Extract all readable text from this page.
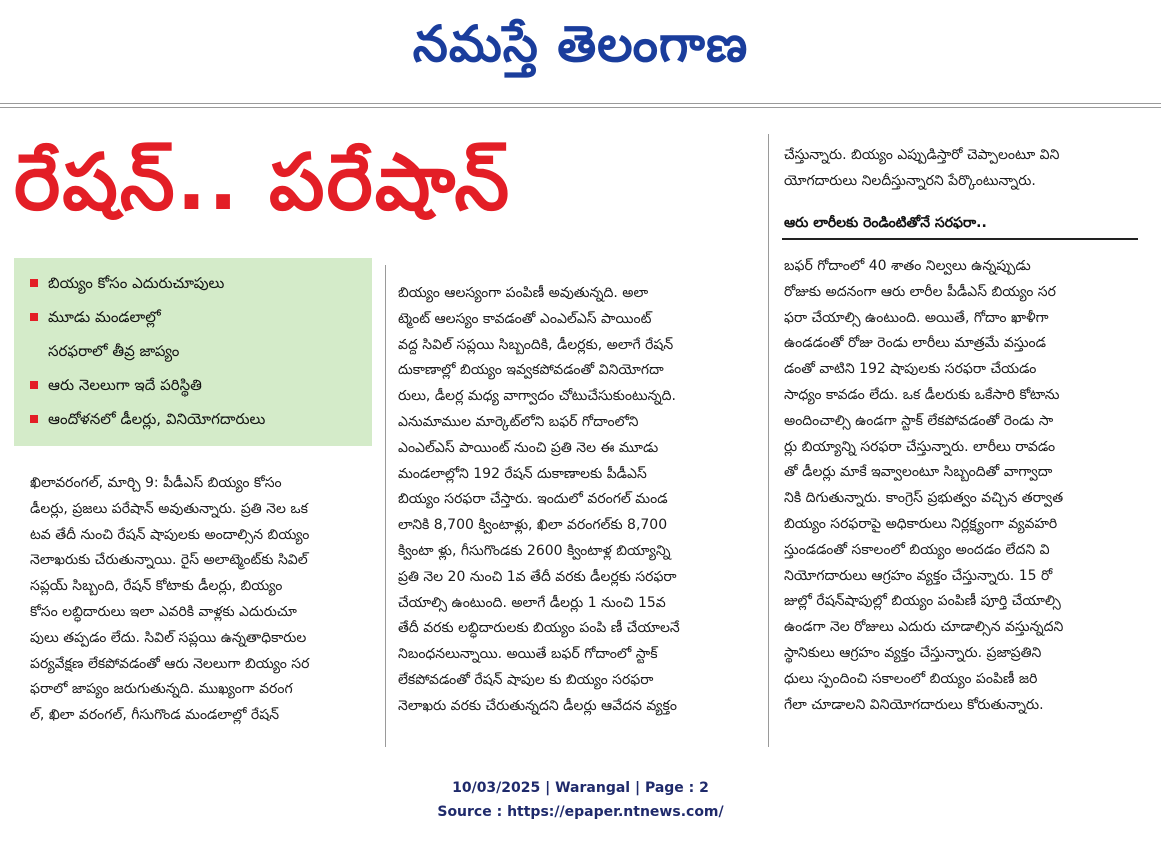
నమస్తే తెలంగాణ
రేషన్.. పరేషాన్
బియ్యం కోసం ఎదురుచూపులు
మూడు మండలాల్లో
సరఫరాలో తీవ్ర జాప్యం
ఆరు నెలలుగా ఇదే పరిస్థితి
ఆందోళనలో డీలర్లు, వినియోగదారులు
ఖిలావరంగల్, మార్చి 9: పీడీఎస్ బియ్యం కోసం
డీలర్లు, ప్రజలు పరేషాన్ అవుతున్నారు. ప్రతి నెల ఒక
టవ తేదీ నుంచి రేషన్ షాపులకు అందాల్సిన బియ్యం
నెలాఖరుకు చేరుతున్నాయి. రైస్ అలాట్మెంట్‌కు సివిల్
సప్లయ్ సిబ్బంది, రేషన్ కోటాకు డీలర్లు, బియ్యం
కోసం లబ్ధిదారులు ఇలా ఎవరికి వాళ్లకు ఎదురుచూ
పులు తప్పడం లేదు. సివిల్ సప్లయి ఉన్నతాధికారుల
పర్యవేక్షణ లేకపోవడంతో ఆరు నెలలుగా బియ్యం సర
ఫరాలో జాప్యం జరుగుతున్నది. ముఖ్యంగా వరంగ
ల్, ఖిలా వరంగల్, గీసుగొండ మండలాల్లో రేషన్
బియ్యం ఆలస్యంగా పంపిణీ అవుతున్నది. అలా
ట్మెంట్ ఆలస్యం కావడంతో ఎంఎల్ఎస్ పాయింట్
వద్ద సివిల్ సప్లయి సిబ్బందికి, డీలర్లకు, అలాగే రేషన్
దుకాణాల్లో బియ్యం ఇవ్వకపోవడంతో వినియోగదా
రులు, డీలర్ల మధ్య వాగ్వాదం చోటుచేసుకుంటున్నది.
ఎనుమాముల మార్కెట్‌లోని బఫర్ గోదాంలోని
ఎంఎల్ఎస్ పాయింట్ నుంచి ప్రతి నెల ఈ మూడు
మండలాల్లోని 192 రేషన్ దుకాణాలకు పీడీఎస్
బియ్యం సరఫరా చేస్తారు. ఇందులో వరంగల్ మండ
లానికి 8,700 క్వింటాళ్లు, ఖిలా వరంగల్‌కు 8,700
క్వింటా ళ్లు, గీసుగొండకు 2600 క్వింటాళ్ల బియ్యాన్ని
ప్రతి నెల 20 నుంచి 1వ తేదీ వరకు డీలర్లకు సరఫరా
చేయాల్సి ఉంటుంది. అలాగే డీలర్లు 1 నుంచి 15వ
తేదీ వరకు లబ్ధిదారులకు బియ్యం పంపి ణీ చేయాలనే
నిబంధనలున్నాయి. అయితే బఫర్ గోదాంలో స్టాక్
లేకపోవడంతో రేషన్ షాపుల కు బియ్యం సరఫరా
నెలాఖరు వరకు చేరుతున్నదని డీలర్లు ఆవేదన వ్యక్తం
చేస్తున్నారు. బియ్యం ఎప్పుడిస్తారో చెప్పాలంటూ విని
యోగదారులు నిలదీస్తున్నారని పేర్కొంటున్నారు.
ఆరు లారీలకు రెండింటితోనే సరఫరా..
బఫర్ గోదాంలో 40 శాతం నిల్వలు ఉన్నప్పుడు
రోజుకు అదనంగా ఆరు లారీల పీడీఎస్ బియ్యం సర
ఫరా చేయాల్సి ఉంటుంది. అయితే, గోదాం ఖాళీగా
ఉండడంతో రోజు రెండు లారీలు మాత్రమే వస్తుండ
డంతో వాటిని 192 షాపులకు సరఫరా చేయడం
సాధ్యం కావడం లేదు. ఒక డీలరుకు ఒకేసారి కోటాను
అందించాల్సి ఉండగా స్టాక్ లేకపోవడంతో రెండు సా
ర్లు బియ్యాన్ని సరఫరా చేస్తున్నారు. లారీలు రావడం
తో డీలర్లు మాకే ఇవ్వాలంటూ సిబ్బందితో వాగ్వాదా
నికి దిగుతున్నారు. కాంగ్రెస్ ప్రభుత్వం వచ్చిన తర్వాత
బియ్యం సరఫరాపై అధికారులు నిర్లక్ష్యంగా వ్యవహరి
స్తుండడంతో సకాలంలో బియ్యం అందడం లేదని వి
నియోగదారులు ఆగ్రహం వ్యక్తం చేస్తున్నారు. 15 రో
జుల్లో రేషన్‌షాపుల్లో బియ్యం పంపిణీ పూర్తి చేయాల్సి
ఉండగా నెల రోజులు ఎదురు చూడాల్సిన వస్తున్నదని
స్థానికులు ఆగ్రహం వ్యక్తం చేస్తున్నారు. ప్రజాప్రతిని
ధులు స్పందించి సకాలంలో బియ్యం పంపిణీ జరి
గేలా చూడాలని వినియోగదారులు కోరుతున్నారు.
10/03/2025 | Warangal | Page : 2
Source : https://epaper.ntnews.com/
